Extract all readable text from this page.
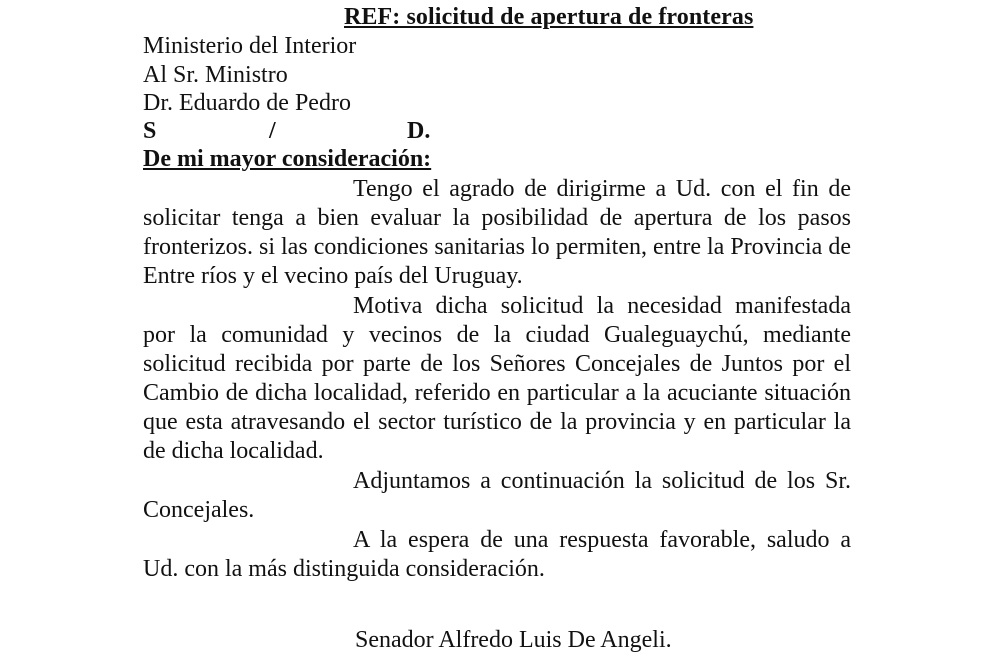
REF: solicitud de apertura de fronteras
Ministerio del Interior
Al Sr. Ministro
Dr. Eduardo de Pedro
S	/	D.
De mi mayor consideración:

Tengo el agrado de dirigirme a Ud. con el fin de solicitar tenga a bien evaluar la posibilidad de apertura de los pasos fronterizos. si las condiciones sanitarias lo permiten, entre la Provincia de Entre ríos y el vecino país del Uruguay.

Motiva dicha solicitud la necesidad manifestada por la comunidad y vecinos de la ciudad Gualeguaychú, mediante solicitud recibida por parte de los Señores Concejales de Juntos por el Cambio de dicha localidad, referido en particular a la acuciante situación que esta atravesando el sector turístico de la provincia y en particular la de dicha localidad.

Adjuntamos a continuación la solicitud de los Sr. Concejales.

A la espera de una respuesta favorable, saludo a Ud. con la más distinguida consideración.

Senador Alfredo Luis De Angeli.
